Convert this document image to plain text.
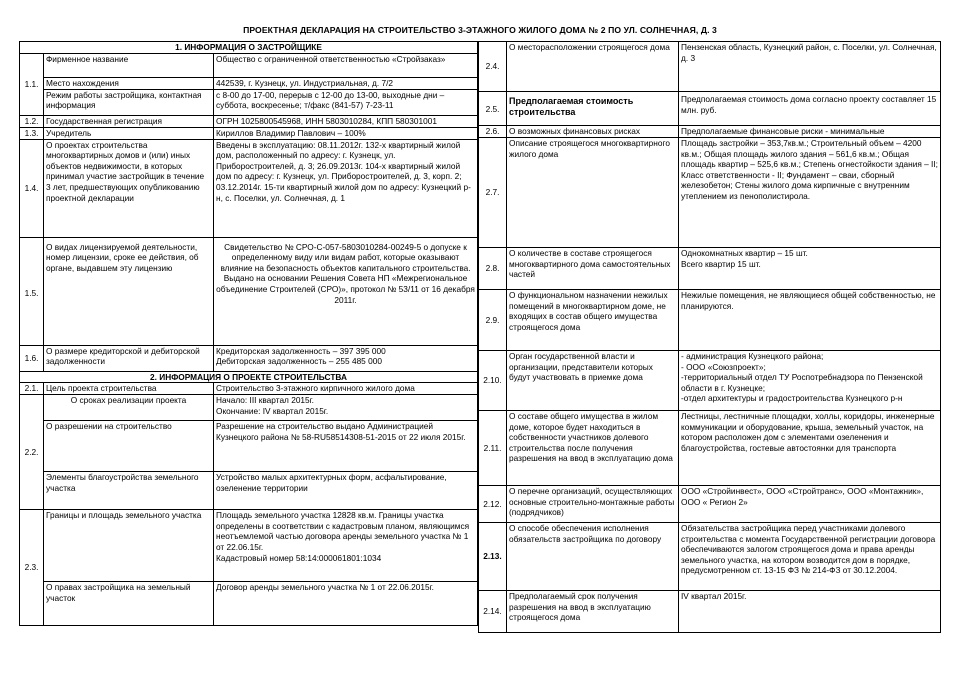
ПРОЕКТНАЯ ДЕКЛАРАЦИЯ НА СТРОИТЕЛЬСТВО 3-ЭТАЖНОГО ЖИЛОГО ДОМА № 2 ПО УЛ. СОЛНЕЧНАЯ, Д. 3
1. ИНФОРМАЦИЯ О ЗАСТРОЙЩИКЕ		
1.1.	Фирменное название	Общество с ограниченной ответственностью «Стройзаказ»
	Место нахождения	442539, г. Кузнецк, ул. Индустриальная, д. 7/2
	Режим работы застройщика, контактная информация	с 8-00 до 17-00, перерыв с 12-00 до 13-00, выходные дни – суббота, воскресенье; т/факс (841-57) 7-23-11
1.2.	Государственная регистрация	ОГРН 1025800545968, ИНН 5803010284, КПП 580301001
1.3.	Учредитель	Кириллов Владимир Павлович – 100%
1.4.	О проектах строительства многоквартирных домов и (или) иных объектов недвижимости, в которых принимал участие застройщик в течение 3 лет, предшествующих опубликованию проектной декларации	Введены в эксплуатацию: 08.11.2012г. 132-х квартирный жилой дом, расположенный по адресу: г. Кузнецк, ул. Приборостроителей, д. 3; 26.09.2013г. 104-х квартирный жилой дом по адресу: г. Кузнецк, ул. Приборостроителей, д. 3, корп. 2; 03.12.2014г. 15-ти квартирный жилой дом по адресу: Кузнецкий р-н, с. Поселки, ул. Солнечная, д. 1
1.5.	О видах лицензируемой деятельности, номер лицензии, сроке ее действия, об органе, выдавшем эту лицензию	Свидетельство № СРО-С-057-5803010284-00249-5 о допуске к определенному виду или видам работ, которые оказывают влияние на безопасность объектов капитального строительства. Выдано на основании Решения Совета НП «Межрегиональное объединение Строителей (СРО)», протокол № 53/11 от 16 декабря 2011г.
1.6.	О размере кредиторской и дебиторской задолженности	Кредиторская задолженность – 397 395 000
Дебиторская задолженность – 255 485 000

2. ИНФОРМАЦИЯ О ПРОЕКТЕ СТРОИТЕЛЬСТВА		
2.1.	Цель проекта строительства	Строительство 3-этажного кирпичного жилого дома
2.2.	О сроках реализации проекта	Начало: III квартал 2015г.
Окончание: IV квартал 2015г.

	О разрешении на строительство	Разрешение на строительство выдано Администрацией Кузнецкого района № 58-RU58514308-51-2015 от 22 июля 2015г.
	Элементы благоустройства земельного участка	Устройство малых архитектурных форм, асфальтирование, озеленение территории
2.3.	Границы и площадь земельного участка	Площадь земельного участка 12828 кв.м. Границы участка определены в соответствии с кадастровым планом, являющимся неотъемлемой частью договора аренды земельного участка № 1 от 22.06.15г.
Кадастровый номер 58:14:000061801:1034

	О правах застройщика на земельный участок	Договор аренды земельного участка № 1 от 22.06.2015г.
2.4.	О месторасположении строящегося дома	Пензенская область, Кузнецкий район, с. Поселки, ул. Солнечная, д. 3
2.5.	Предполагаемая стоимость строительства	Предполагаемая стоимость дома согласно проекту составляет 15 млн. руб.
2.6.	О возможных финансовых рисках	Предполагаемые финансовые риски - минимальные
2.7.	Описание строящегося многоквартирного жилого дома	Площадь застройки – 353,7кв.м.; Строительный объем – 4200 кв.м.; Общая площадь жилого здания – 561,6 кв.м.; Общая площадь квартир – 525,6 кв.м.; Степень огнестойкости здания – II; Класс ответственности - II; Фундамент – сваи, сборный железобетон; Стены жилого дома кирпичные с внутренним утеплением из пенополистирола.
2.8.	О количестве в составе строящегося многоквартирного дома самостоятельных частей	Однокомнатных квартир – 15 шт.
Всего квартир 15 шт.

2.9.	О функциональном назначении нежилых помещений в многоквартирном доме, не входящих в состав общего имущества строящегося дома	Нежилые помещения, не являющиеся общей собственностью, не планируются.
2.10.	Орган государственной власти и организации, представители которых будут участвовать в приемке дома	- администрация Кузнецкого района;
- ООО «Союзпроект»;
-территориальный отдел ТУ Роспотребнадзора по Пензенской области в г. Кузнецке;
-отдел архитектуры и градостроительства Кузнецкого р-н

2.11.	О составе общего имущества в жилом доме, которое будет находиться в собственности участников долевого строительства после получения разрешения на ввод в эксплуатацию дома	Лестницы, лестничные площадки, холлы, коридоры, инженерные коммуникации и оборудование, крыша, земельный участок, на котором расположен дом с элементами озеленения и благоустройства, гостевые автостоянки для транспорта
2.12.	О перечне организаций, осуществляющих основные строительно-монтажные работы (подрядчиков)	ООО «Стройинвест», ООО «Стройтранс», ООО «Монтажник», ООО « Регион 2»
2.13.	О способе обеспечения исполнения обязательств застройщика по договору	Обязательства застройщика перед участниками долевого строительства с момента Государственной регистрации договора обеспечиваются залогом строящегося дома и права аренды земельного участка, на котором возводится дом в порядке, предусмотренном ст. 13-15 ФЗ № 214-ФЗ от 30.12.2004.
2.14.	Предполагаемый срок получения разрешения на ввод в эксплуатацию строящегося дома	IV квартал 2015г.
